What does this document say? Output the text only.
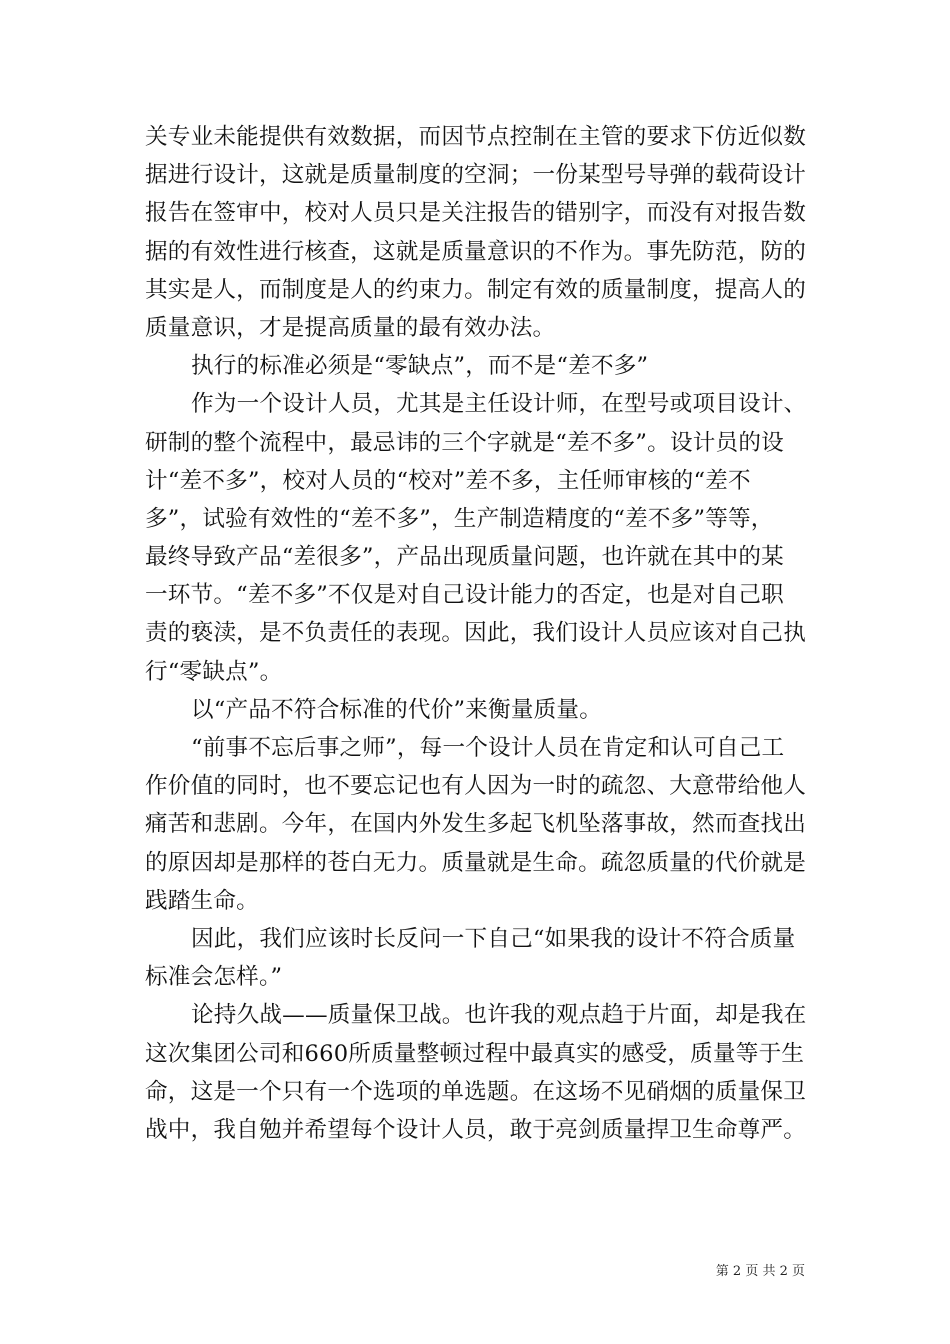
关专业未能提供有效数据，而因节点控制在主管的要求下仿近似数
据进行设计，这就是质量制度的空洞；一份某型号导弹的载荷设计
报告在签审中，校对人员只是关注报告的错别字，而没有对报告数
据的有效性进行核查，这就是质量意识的不作为。事先防范，防的
其实是人，而制度是人的约束力。制定有效的质量制度，提高人的
质量意识，才是提高质量的最有效办法。
执行的标准必须是“零缺点”，而不是“差不多”
作为一个设计人员，尤其是主任设计师，在型号或项目设计、
研制的整个流程中，最忌讳的三个字就是“差不多”。设计员的设
计“差不多”，校对人员的“校对”差不多，主任师审核的“差不
多”，试验有效性的“差不多”，生产制造精度的“差不多”等等，
最终导致产品“差很多”，产品出现质量问题，也许就在其中的某
一环节。“差不多”不仅是对自己设计能力的否定，也是对自己职
责的亵渎，是不负责任的表现。因此，我们设计人员应该对自己执
行“零缺点”。
以“产品不符合标准的代价”来衡量质量。
“前事不忘后事之师”，每一个设计人员在肯定和认可自己工
作价值的同时，也不要忘记也有人因为一时的疏忽、大意带给他人
痛苦和悲剧。今年，在国内外发生多起飞机坠落事故，然而查找出
的原因却是那样的苍白无力。质量就是生命。疏忽质量的代价就是
践踏生命。
因此，我们应该时长反问一下自己“如果我的设计不符合质量
标准会怎样。”
论持久战——质量保卫战。也许我的观点趋于片面，却是我在
这次集团公司和660所质量整顿过程中最真实的感受，质量等于生
命，这是一个只有一个选项的单选题。在这场不见硝烟的质量保卫
战中，我自勉并希望每个设计人员，敢于亮剑质量捍卫生命尊严。
第 2 页 共 2 页
